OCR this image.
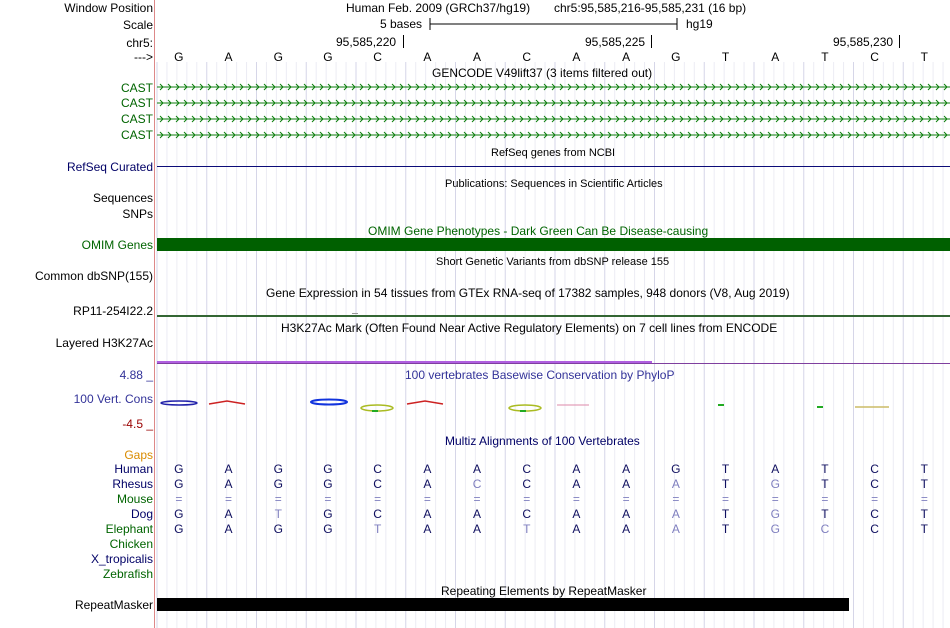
Window Position	Human Feb. 2009 (GRCh37/hg19) chr5:95,585,216-95,585,231 (16 bp)
Scale	5 bases	hg19
chr5:	95,585,220	95,585,225	95,585,230
--->	G	A	G	G	C	A	A	C	A	A	G	T	A	T	C	T
GENCODE V49lift37 (3 items filtered out)
CAST
CAST
CAST
CAST
RefSeq genes from NCBI
RefSeq Curated
Publications: Sequences in Scientific Articles
Sequences
SNPs
OMIM Gene Phenotypes - Dark Green Can Be Disease-causing
OMIM Genes
Short Genetic Variants from dbSNP release 155
Common dbSNP(155)
Gene Expression in 54 tissues from GTEx RNA-seq of 17382 samples, 948 donors (V8, Aug 2019)
RP11-254I22.2
H3K27Ac Mark (Often Found Near Active Regulatory Elements) on 7 cell lines from ENCODE
Layered H3K27Ac
100 vertebrates Basewise Conservation by PhyloP
4.88 _
100 Vert. Cons
-4.5 _
Multiz Alignments of 100 Vertebrates
Gaps
Human	G	A	G	G	C	A	A	C	A	A	G	T	A	T	C	T
Rhesus	G	A	G	G	C	A	C	C	A	A	A	T	G	T	C	T
Mouse	=	=	=	=	=	=	=	=	=	=	=	=	=	=	=	=
Dog	G	A	T	G	C	A	A	C	A	A	A	T	G	T	C	T
Elephant	G	A	G	G	T	A	A	T	A	A	A	T	G	C	C	T
Chicken
X_tropicalis
Zebrafish
Repeating Elements by RepeatMasker
RepeatMasker
